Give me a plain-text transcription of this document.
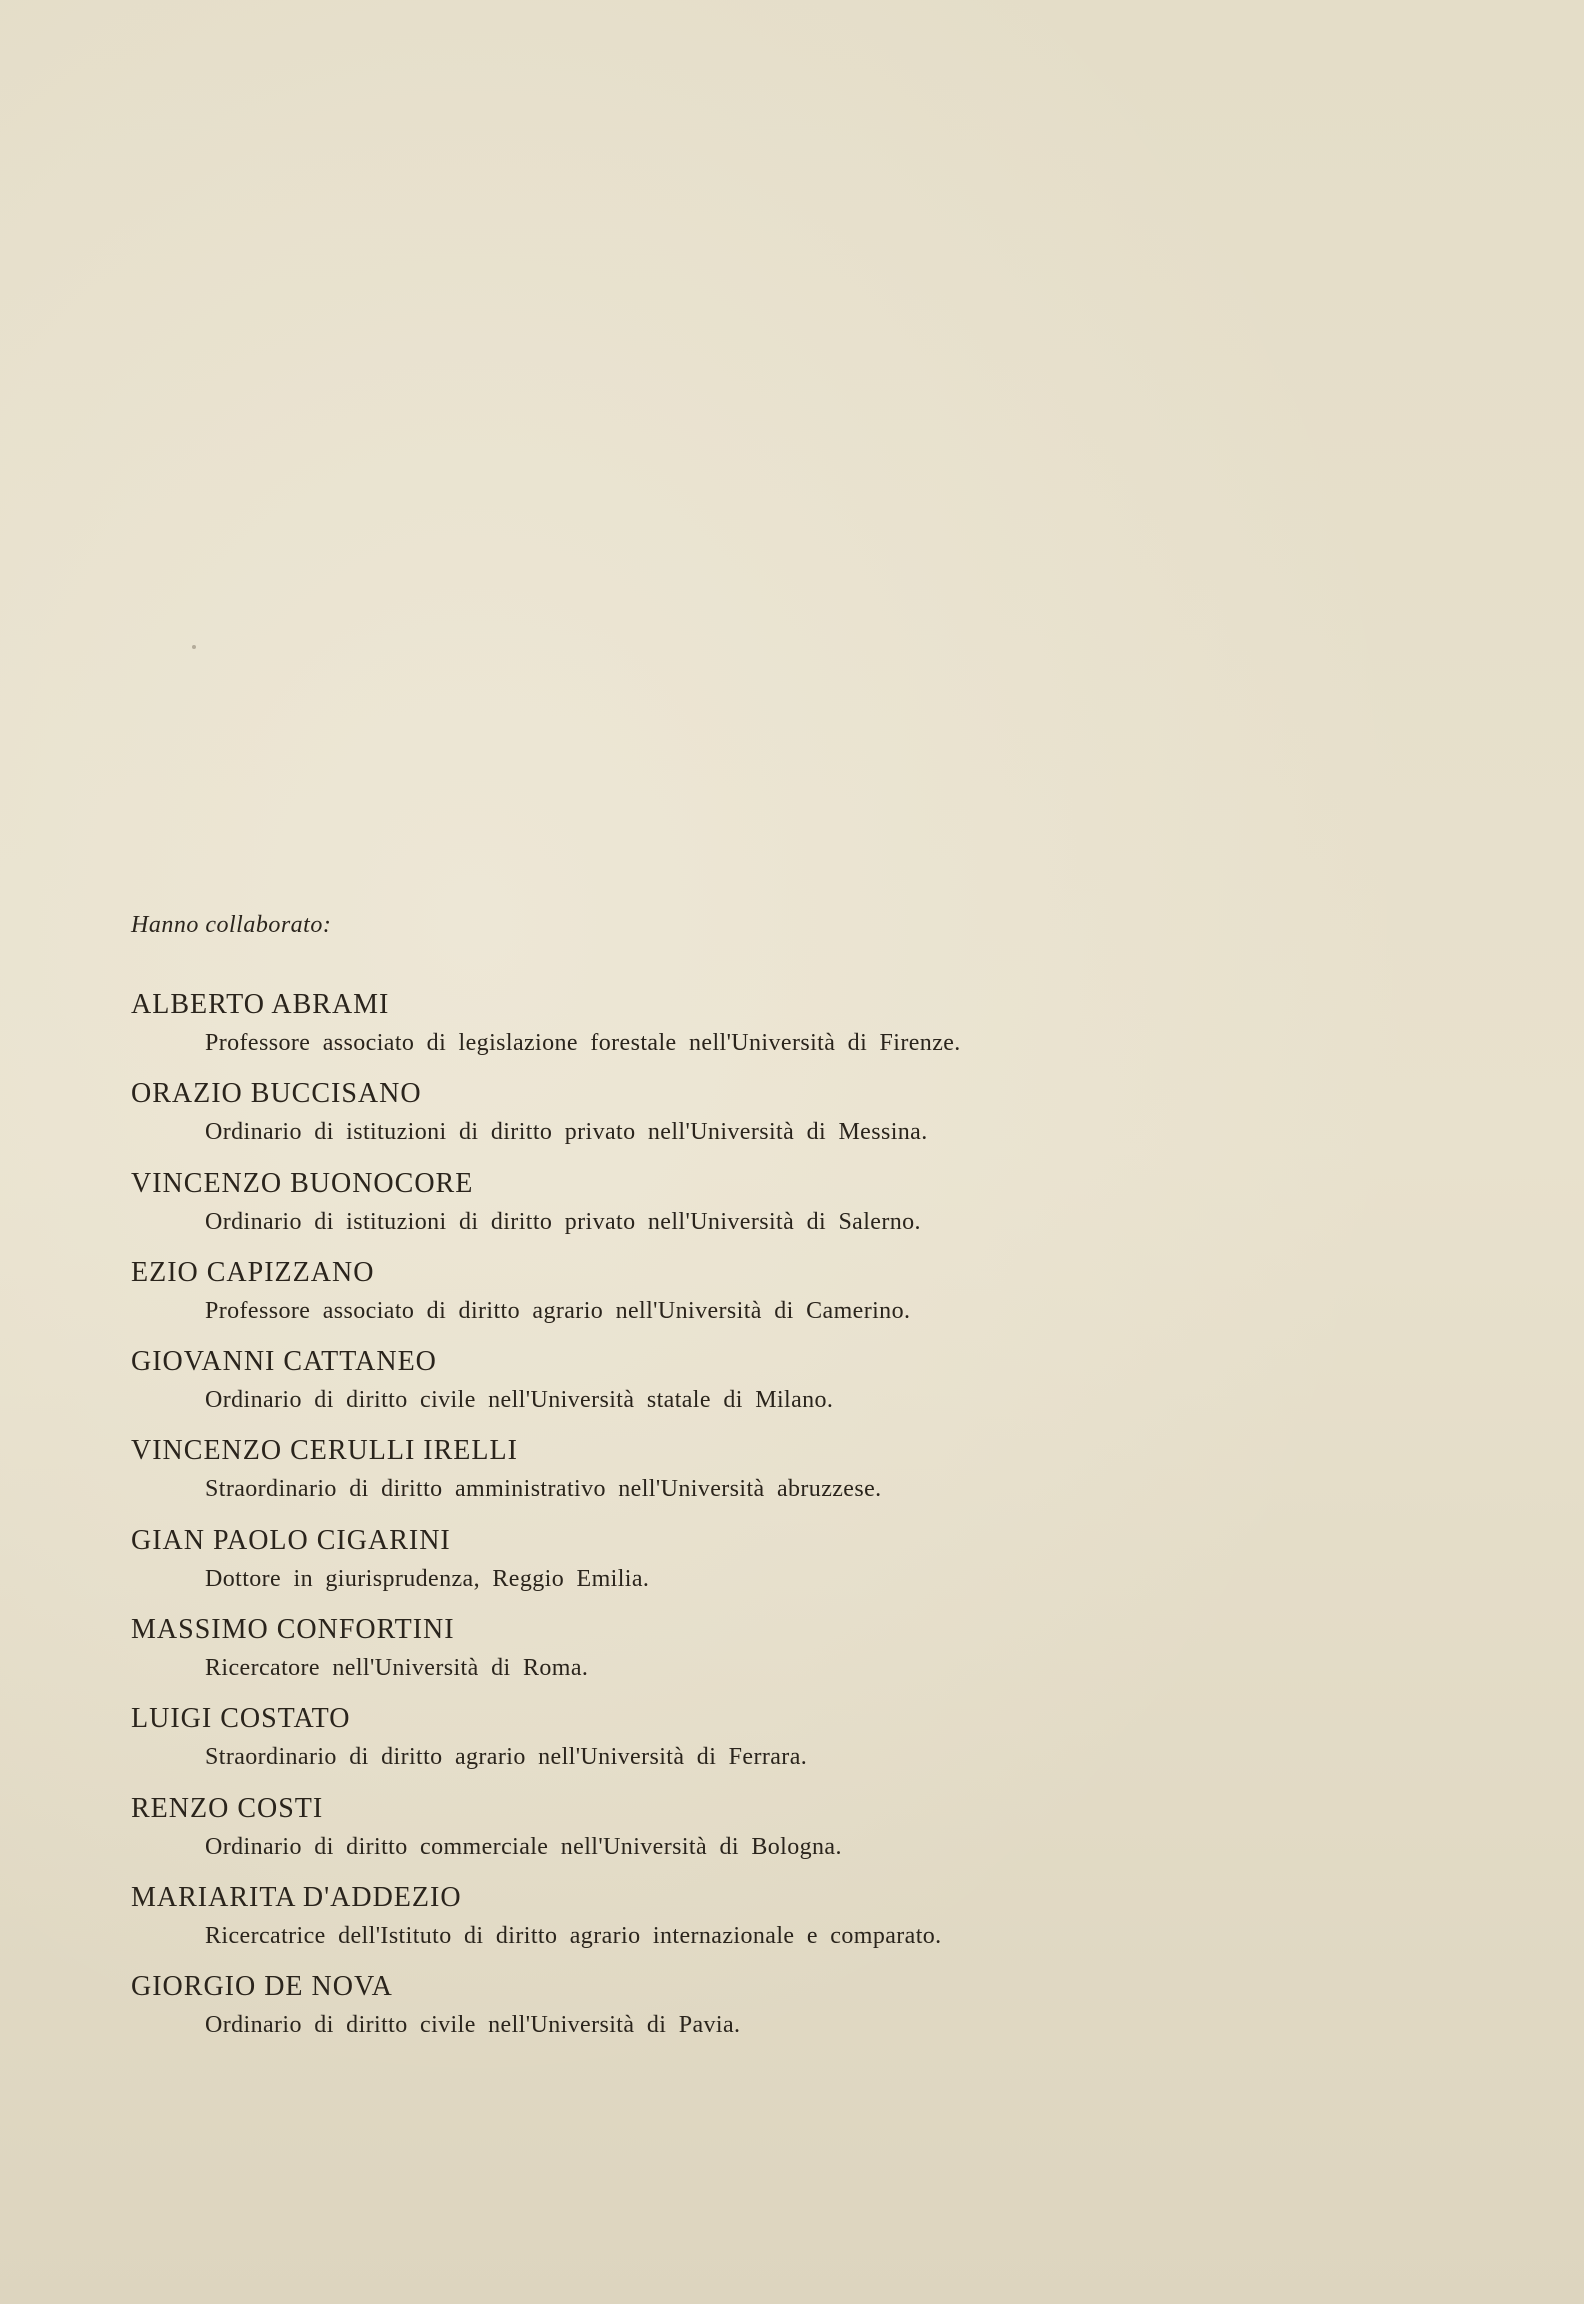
Hanno collaborato:
ALBERTO ABRAMI
Professore associato di legislazione forestale nell'Università di Firenze.
ORAZIO BUCCISANO
Ordinario di istituzioni di diritto privato nell'Università di Messina.
VINCENZO BUONOCORE
Ordinario di istituzioni di diritto privato nell'Università di Salerno.
EZIO CAPIZZANO
Professore associato di diritto agrario nell'Università di Camerino.
GIOVANNI CATTANEO
Ordinario di diritto civile nell'Università statale di Milano.
VINCENZO CERULLI IRELLI
Straordinario di diritto amministrativo nell'Università abruzzese.
GIAN PAOLO CIGARINI
Dottore in giurisprudenza, Reggio Emilia.
MASSIMO CONFORTINI
Ricercatore nell'Università di Roma.
LUIGI COSTATO
Straordinario di diritto agrario nell'Università di Ferrara.
RENZO COSTI
Ordinario di diritto commerciale nell'Università di Bologna.
MARIARITA D'ADDEZIO
Ricercatrice dell'Istituto di diritto agrario internazionale e comparato.
GIORGIO DE NOVA
Ordinario di diritto civile nell'Università di Pavia.
